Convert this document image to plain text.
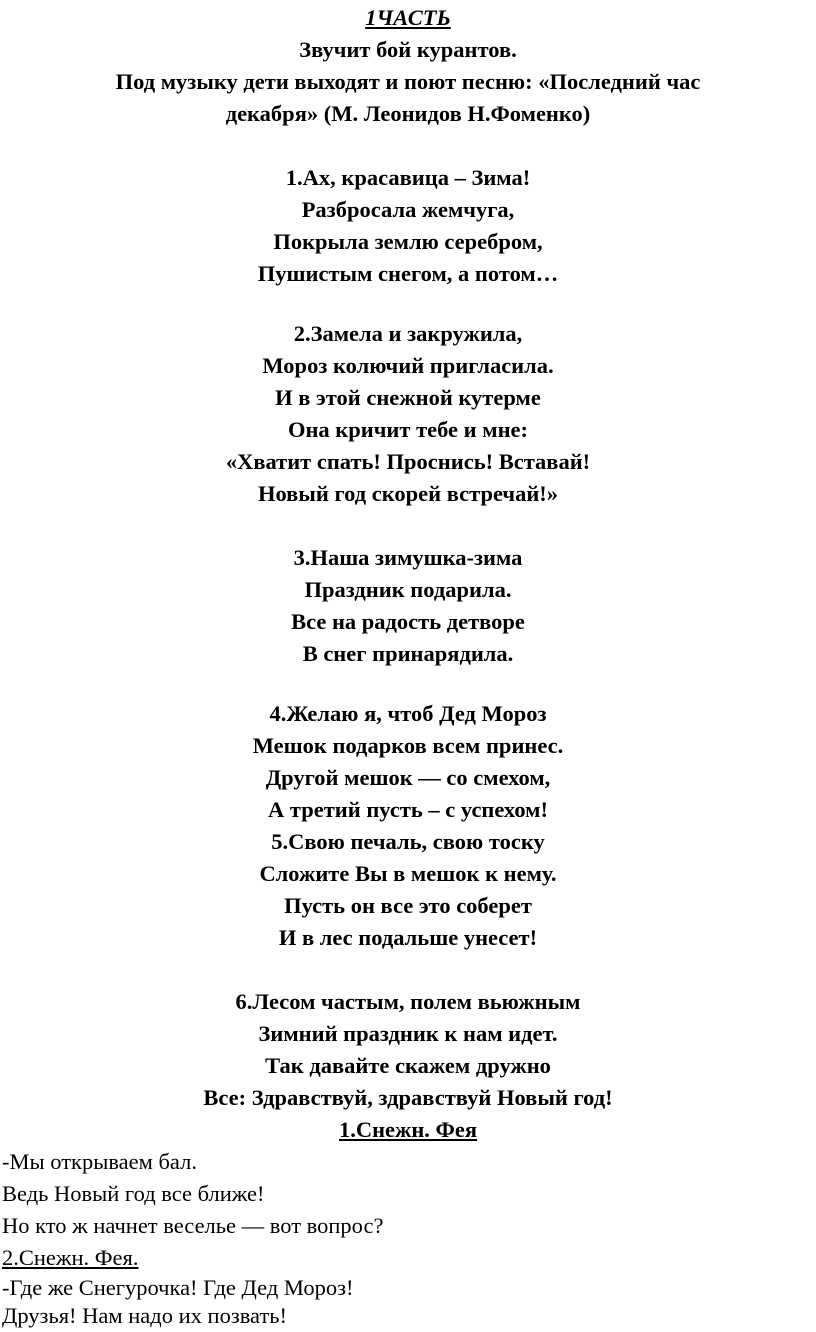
1ЧАСТЬ
Звучит бой курантов.
Под музыку дети выходят и поют песню: «Последний час
декабря» (М. Леонидов Н.Фоменко)
1.Ах, красавица – Зима!
Разбросала жемчуга,
Покрыла землю серебром,
Пушистым снегом, а потом…
2.Замела и закружила,
Мороз колючий пригласила.
И в этой снежной кутерме
Она кричит тебе и мне:
«Хватит спать! Проснись! Вставай!
Новый год скорей встречай!»
3.Наша зимушка-зима
Праздник подарила.
Все на радость детворе
В снег принарядила.
4.Желаю я, чтоб Дед Мороз
Мешок подарков всем принес.
Другой мешок — со смехом,
А третий пусть – с успехом!
5.Свою печаль, свою тоску
Сложите Вы в мешок к нему.
Пусть он все это соберет
И в лес подальше унесет!
6.Лесом частым, полем вьюжным
Зимний праздник к нам идет.
Так давайте скажем дружно
Все: Здравствуй, здравствуй Новый год!
1.Снежн. Фея
-Мы открываем бал.
Ведь Новый год все ближе!
Но кто ж начнет веселье — вот вопрос?
2.Снежн. Фея.
-Где же Снегурочка! Где Дед Мороз!
Друзья! Нам надо их позвать!
